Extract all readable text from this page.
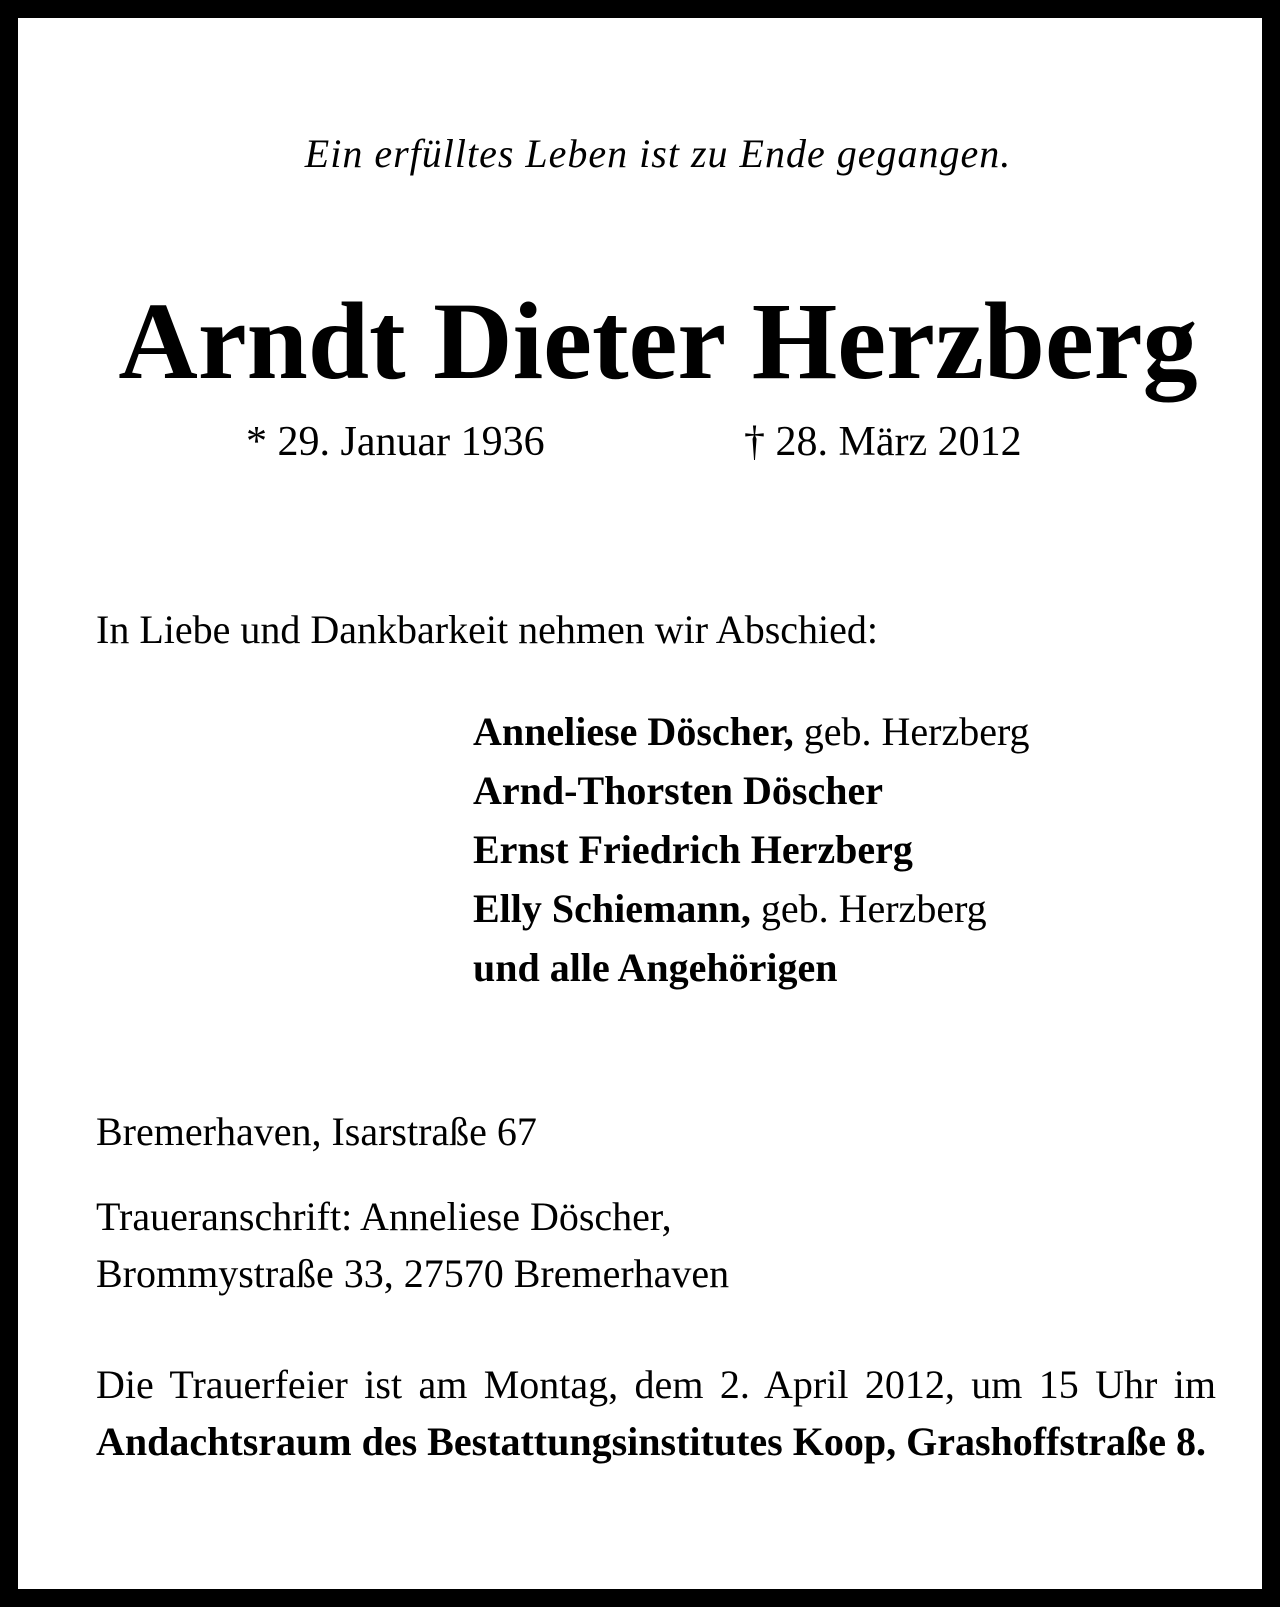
Ein erfülltes Leben ist zu Ende gegangen.
Arndt Dieter Herzberg
* 29. Januar 1936	† 28. März 2012
In Liebe und Dankbarkeit nehmen wir Abschied:
Anneliese Döscher, geb. Herzberg
Arnd-Thorsten Döscher
Ernst Friedrich Herzberg
Elly Schiemann, geb. Herzberg
und alle Angehörigen
Bremerhaven, Isarstraße 67
Traueranschrift: Anneliese Döscher,
Brommystraße 33, 27570 Bremerhaven
Die Trauerfeier ist am Montag, dem 2. April 2012, um 15 Uhr im Andachtsraum des Bestattungsinstitutes Koop, Grashoffstraße 8.
